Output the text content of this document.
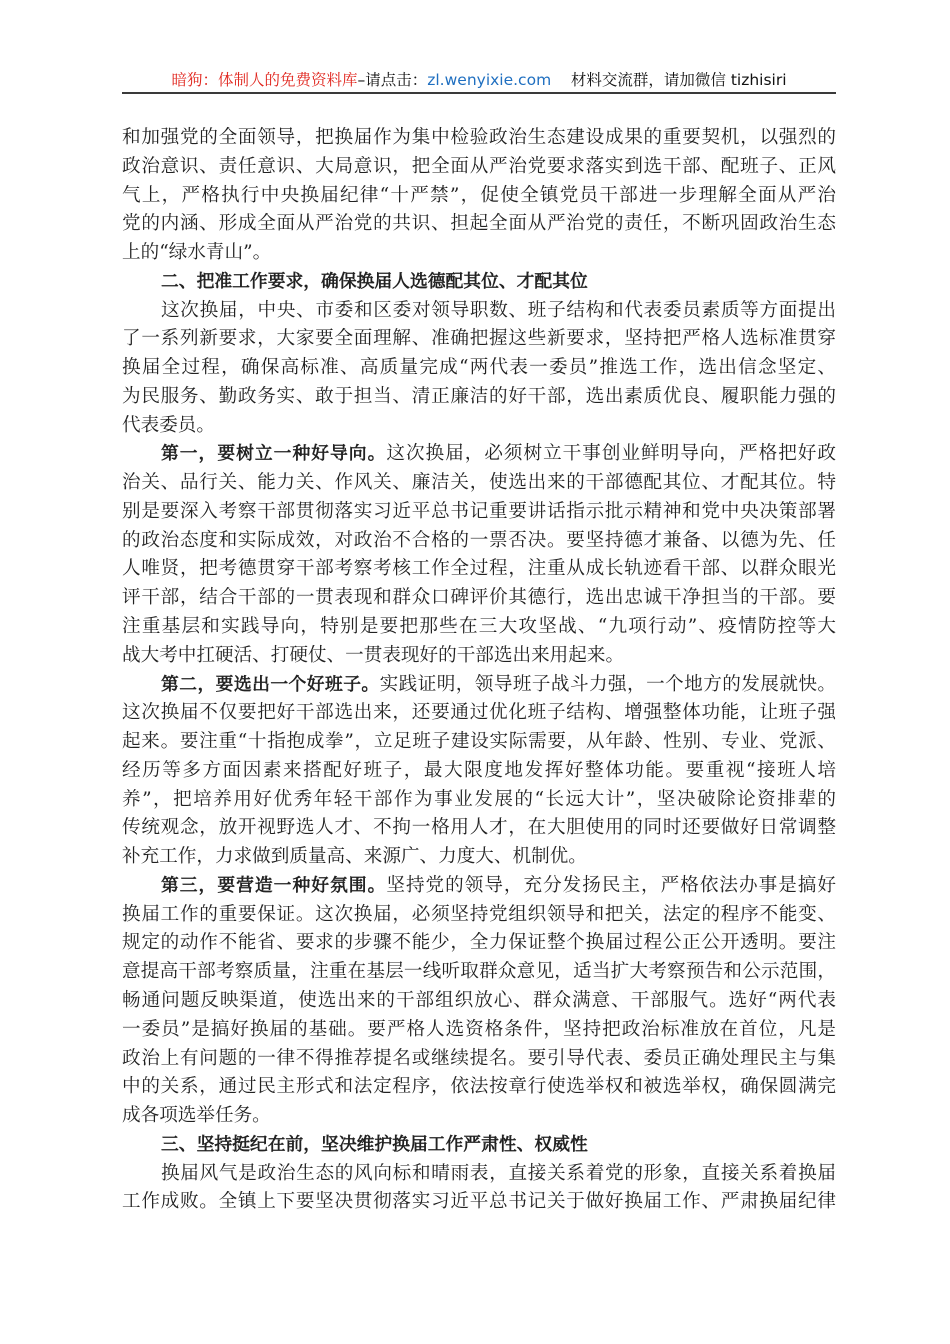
暗狗：体制人的免费资料库–请点击：zl.wenyixie.com 材料交流群，请加微信 tizhisiri
和加强党的全面领导，把换届作为集中检验政治生态建设成果的重要契机，以强烈的
政治意识、责任意识、大局意识，把全面从严治党要求落实到选干部、配班子、正风
气上，严格执行中央换届纪律“十严禁”，促使全镇党员干部进一步理解全面从严治
党的内涵、形成全面从严治党的共识、担起全面从严治党的责任，不断巩固政治生态
上的“绿水青山”。
二、把准工作要求，确保换届人选德配其位、才配其位
这次换届，中央、市委和区委对领导职数、班子结构和代表委员素质等方面提出
了一系列新要求，大家要全面理解、准确把握这些新要求，坚持把严格人选标准贯穿
换届全过程，确保高标准、高质量完成“两代表一委员”推选工作，选出信念坚定、
为民服务、勤政务实、敢于担当、清正廉洁的好干部，选出素质优良、履职能力强的
代表委员。
第一，要树立一种好导向。这次换届，必须树立干事创业鲜明导向，严格把好政
治关、品行关、能力关、作风关、廉洁关，使选出来的干部德配其位、才配其位。特
别是要深入考察干部贯彻落实习近平总书记重要讲话指示批示精神和党中央决策部署
的政治态度和实际成效，对政治不合格的一票否决。要坚持德才兼备、以德为先、任
人唯贤，把考德贯穿干部考察考核工作全过程，注重从成长轨迹看干部、以群众眼光
评干部，结合干部的一贯表现和群众口碑评价其德行，选出忠诚干净担当的干部。要
注重基层和实践导向，特别是要把那些在三大攻坚战、“九项行动”、疫情防控等大
战大考中扛硬活、打硬仗、一贯表现好的干部选出来用起来。
第二，要选出一个好班子。实践证明，领导班子战斗力强，一个地方的发展就快。
这次换届不仅要把好干部选出来，还要通过优化班子结构、增强整体功能，让班子强
起来。要注重“十指抱成拳”，立足班子建设实际需要，从年龄、性别、专业、党派、
经历等多方面因素来搭配好班子，最大限度地发挥好整体功能。要重视“接班人培
养”，把培养用好优秀年轻干部作为事业发展的“长远大计”，坚决破除论资排辈的
传统观念，放开视野选人才、不拘一格用人才，在大胆使用的同时还要做好日常调整
补充工作，力求做到质量高、来源广、力度大、机制优。
第三，要营造一种好氛围。坚持党的领导，充分发扬民主，严格依法办事是搞好
换届工作的重要保证。这次换届，必须坚持党组织领导和把关，法定的程序不能变、
规定的动作不能省、要求的步骤不能少，全力保证整个换届过程公正公开透明。要注
意提高干部考察质量，注重在基层一线听取群众意见，适当扩大考察预告和公示范围，
畅通问题反映渠道，使选出来的干部组织放心、群众满意、干部服气。选好“两代表
一委员”是搞好换届的基础。要严格人选资格条件，坚持把政治标准放在首位，凡是
政治上有问题的一律不得推荐提名或继续提名。要引导代表、委员正确处理民主与集
中的关系，通过民主形式和法定程序，依法按章行使选举权和被选举权，确保圆满完
成各项选举任务。
三、坚持挺纪在前，坚决维护换届工作严肃性、权威性
换届风气是政治生态的风向标和晴雨表，直接关系着党的形象，直接关系着换届
工作成败。全镇上下要坚决贯彻落实习近平总书记关于做好换届工作、严肃换届纪律
